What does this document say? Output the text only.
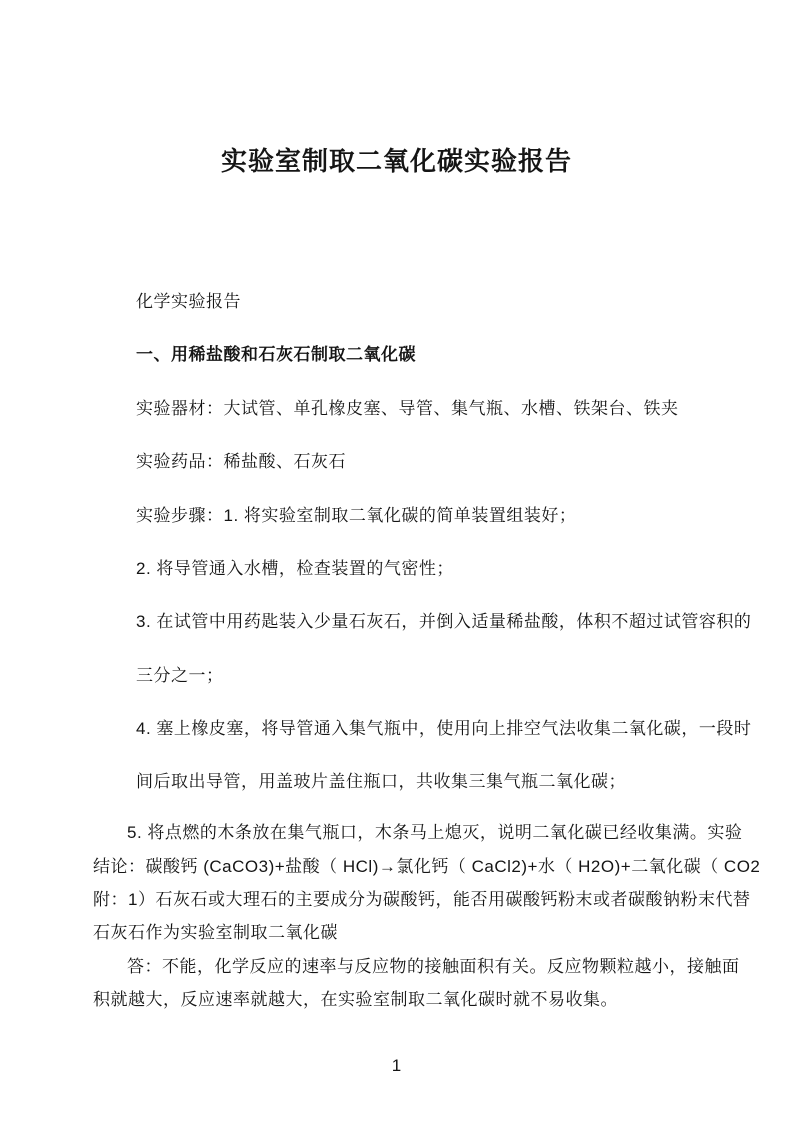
实验室制取二氧化碳实验报告
化学实验报告
一、用稀盐酸和石灰石制取二氧化碳
实验器材：大试管、单孔橡皮塞、导管、集气瓶、水槽、铁架台、铁夹
实验药品：稀盐酸、石灰石
实验步骤：1. 将实验室制取二氧化碳的简单装置组装好；
2. 将导管通入水槽，检查装置的气密性；
3. 在试管中用药匙装入少量石灰石，并倒入适量稀盐酸，体积不超过试管容积的
三分之一；
4. 塞上橡皮塞，将导管通入集气瓶中，使用向上排空气法收集二氧化碳，一段时
间后取出导管，用盖玻片盖住瓶口，共收集三集气瓶二氧化碳；
5. 将点燃的木条放在集气瓶口，木条马上熄灭，说明二氧化碳已经收集满。实验
结论：碳酸钙 (CaCO3)+盐酸（ HCl)→氯化钙（ CaCl2)+水（ H2O)+二氧化碳（ CO2
附：1）石灰石或大理石的主要成分为碳酸钙，能否用碳酸钙粉末或者碳酸钠粉末代替
石灰石作为实验室制取二氧化碳
答：不能，化学反应的速率与反应物的接触面积有关。反应物颗粒越小，接触面
积就越大，反应速率就越大，在实验室制取二氧化碳时就不易收集。
1
